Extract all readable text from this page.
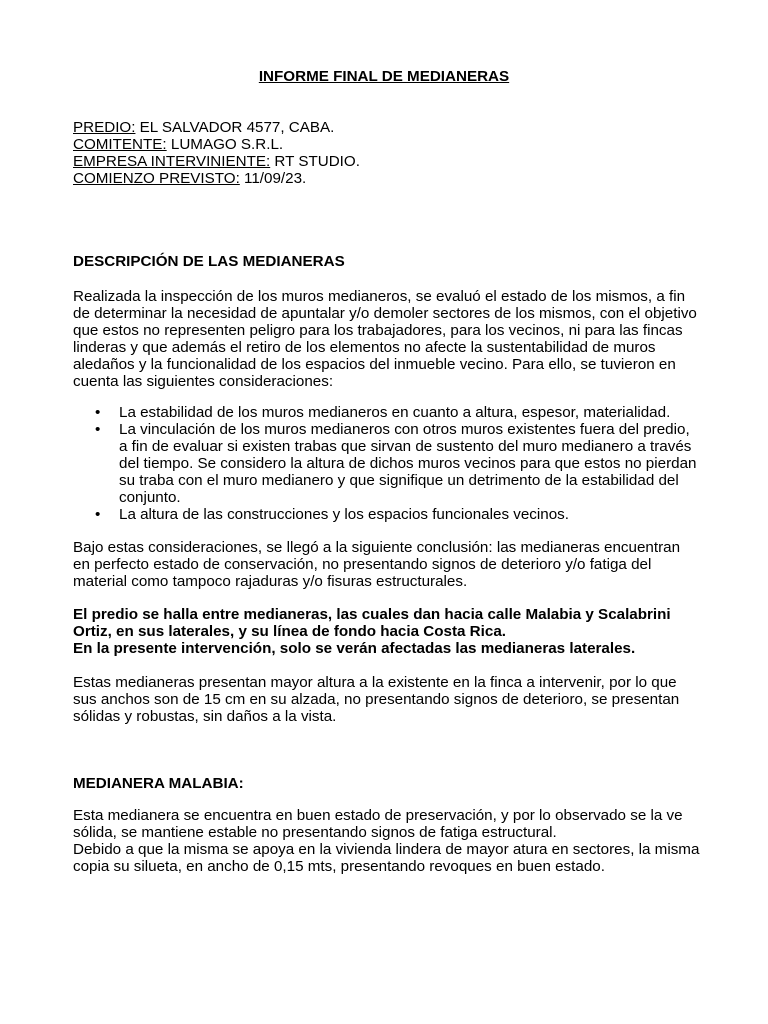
INFORME FINAL DE MEDIANERAS
PREDIO: EL SALVADOR 4577, CABA.
COMITENTE: LUMAGO S.R.L.
EMPRESA INTERVINIENTE: RT STUDIO.
COMIENZO PREVISTO: 11/09/23.
DESCRIPCIÓN DE LAS MEDIANERAS

Realizada la inspección de los muros medianeros, se evaluó el estado de los mismos, a fin de determinar la necesidad de apuntalar y/o demoler sectores de los mismos, con el objetivo que estos no representen peligro para los trabajadores, para los vecinos, ni para las fincas linderas y que además el retiro de los elementos no afecte la sustentabilidad de muros aledaños y la funcionalidad de los espacios del inmueble vecino. Para ello, se tuvieron en cuenta las siguientes consideraciones:

• La estabilidad de los muros medianeros en cuanto a altura, espesor, materialidad.
• La vinculación de los muros medianeros con otros muros existentes fuera del predio, a fin de evaluar si existen trabas que sirvan de sustento del muro medianero a través del tiempo. Se considero la altura de dichos muros vecinos para que estos no pierdan su traba con el muro medianero y que signifique un detrimento de la estabilidad del conjunto.
• La altura de las construcciones y los espacios funcionales vecinos.

Bajo estas consideraciones, se llegó a la siguiente conclusión: las medianeras encuentran en perfecto estado de conservación, no presentando signos de deterioro y/o fatiga del material como tampoco rajaduras y/o fisuras estructurales.

El predio se halla entre medianeras, las cuales dan hacia calle Malabia y Scalabrini Ortiz, en sus laterales, y su línea de fondo hacia Costa Rica.
En la presente intervención, solo se verán afectadas las medianeras laterales.

Estas medianeras presentan mayor altura a la existente en la finca a intervenir, por lo que sus anchos son de 15 cm en su alzada, no presentando signos de deterioro, se presentan sólidas y robustas, sin daños a la vista.

MEDIANERA MALABIA:

Esta medianera se encuentra en buen estado de preservación, y por lo observado se la ve sólida, se mantiene estable no presentando signos de fatiga estructural.

Debido a que la misma se apoya en la vivienda lindera de mayor atura en sectores, la misma copia su silueta, en ancho de 0,15 mts, presentando revoques en buen estado.
